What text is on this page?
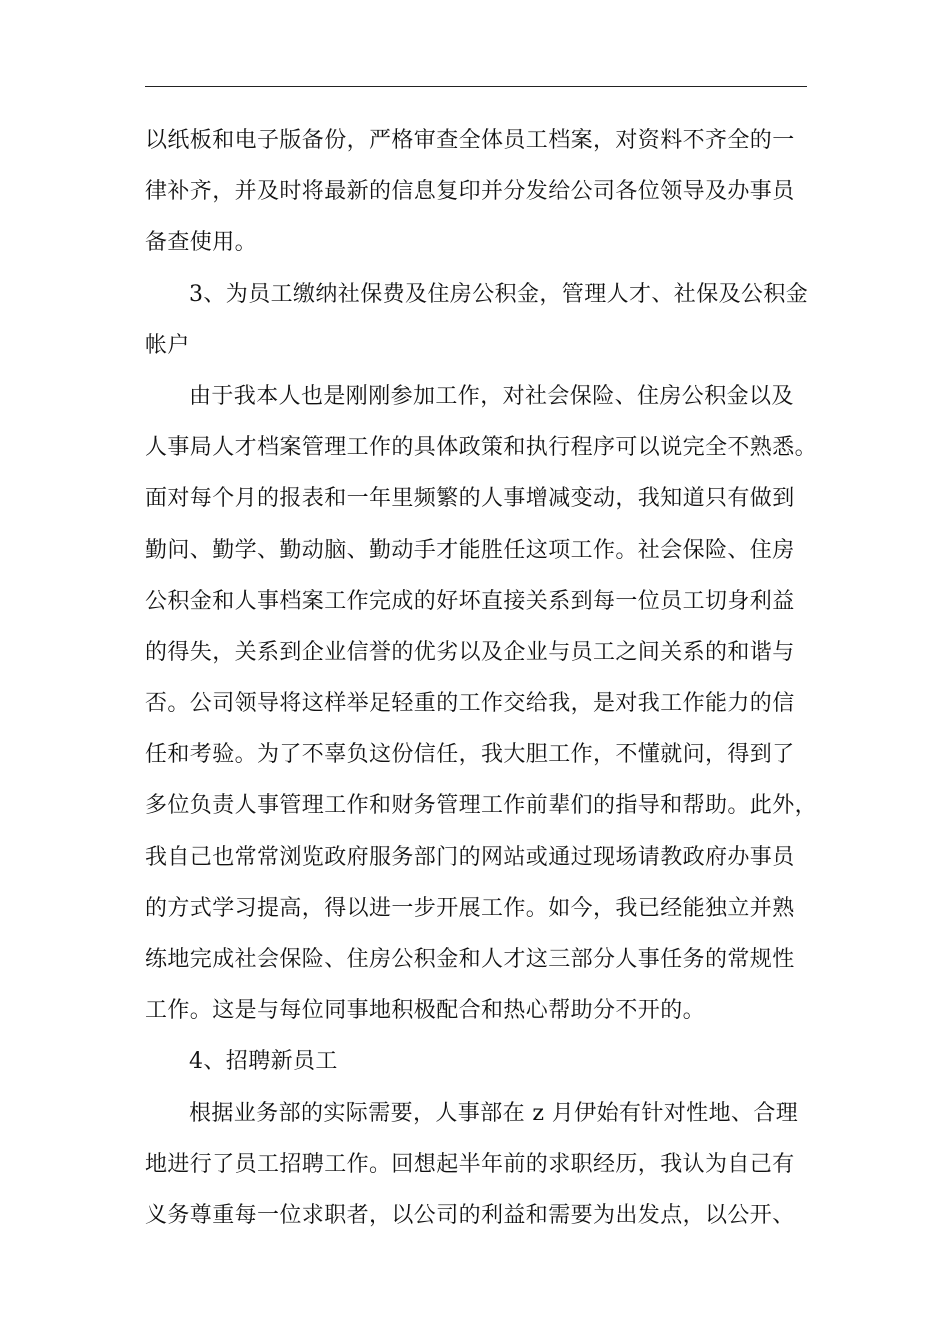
以纸板和电子版备份，严格审查全体员工档案，对资料不齐全的一
律补齐，并及时将最新的信息复印并分发给公司各位领导及办事员
备查使用。
3、为员工缴纳社保费及住房公积金，管理人才、社保及公积金
帐户
由于我本人也是刚刚参加工作，对社会保险、住房公积金以及
人事局人才档案管理工作的具体政策和执行程序可以说完全不熟悉。
面对每个月的报表和一年里频繁的人事增减变动，我知道只有做到
勤问、勤学、勤动脑、勤动手才能胜任这项工作。社会保险、住房
公积金和人事档案工作完成的好坏直接关系到每一位员工切身利益
的得失，关系到企业信誉的优劣以及企业与员工之间关系的和谐与
否。公司领导将这样举足轻重的工作交给我，是对我工作能力的信
任和考验。为了不辜负这份信任，我大胆工作，不懂就问，得到了
多位负责人事管理工作和财务管理工作前辈们的指导和帮助。此外，
我自己也常常浏览政府服务部门的网站或通过现场请教政府办事员
的方式学习提高，得以进一步开展工作。如今，我已经能独立并熟
练地完成社会保险、住房公积金和人才这三部分人事任务的常规性
工作。这是与每位同事地积极配合和热心帮助分不开的。
4、招聘新员工
根据业务部的实际需要，人事部在 z 月伊始有针对性地、合理
地进行了员工招聘工作。回想起半年前的求职经历，我认为自己有
义务尊重每一位求职者，以公司的利益和需要为出发点，以公开、
